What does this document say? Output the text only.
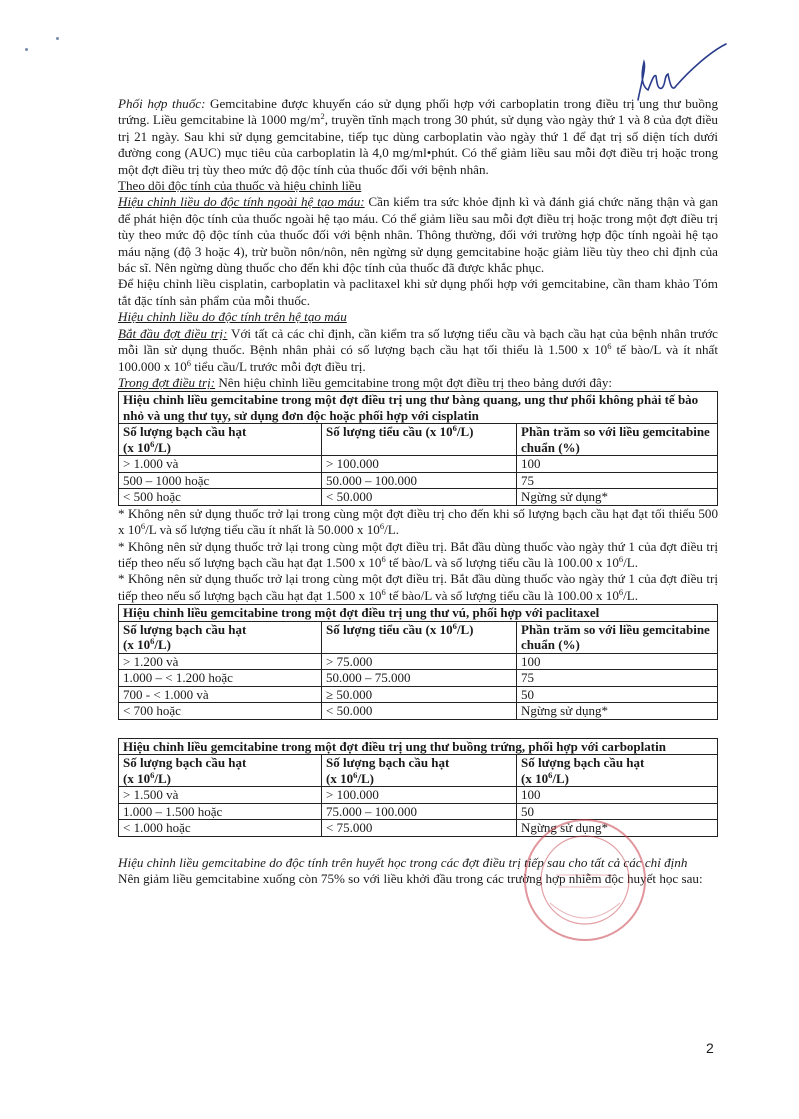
Phối hợp thuốc: Gemcitabine được khuyến cáo sử dụng phối hợp với carboplatin trong điều trị ung thư buồng trứng. Liều gemcitabine là 1000 $mg/m^2$, truyền tĩnh mạch trong 30 phút, sử dụng vào ngày thứ 1 và 8 của đợt điều trị 21 ngày. Sau khi sử dụng gemcitabine, tiếp tục dùng carboplatin vào ngày thứ 1 để đạt trị số diện tích dưới đường cong (AUC) mục tiêu của carboplatin là 4,0 mg/ml•phút. Có thể giảm liều sau mỗi đợt điều trị hoặc trong một đợt điều trị tùy theo mức độ độc tính của thuốc đối với bệnh nhân.

Theo dõi độc tính của thuốc và hiệu chỉnh liều

Hiệu chỉnh liều do độc tính ngoài hệ tạo máu: Cần kiểm tra sức khỏe định kì và đánh giá chức năng thận và gan để phát hiện độc tính của thuốc ngoài hệ tạo máu. Có thể giảm liều sau mỗi đợt điều trị hoặc trong một đợt điều trị tùy theo mức độ độc tính của thuốc đối với bệnh nhân. Thông thường, đối với trường hợp độc tính ngoài hệ tạo máu nặng (độ 3 hoặc 4), trừ buồn nôn/nôn, nên ngừng sử dụng gemcitabine hoặc giảm liều tùy theo chỉ định của bác sĩ. Nên ngừng dùng thuốc cho đến khi độc tính của thuốc đã được khắc phục.

Để hiệu chỉnh liều cisplatin, carboplatin và paclitaxel khi sử dụng phối hợp với gemcitabine, cần tham khảo Tóm tắt đặc tính sản phẩm của mỗi thuốc.

Hiệu chỉnh liều do độc tính trên hệ tạo máu

Bắt đầu đợt điều trị: Với tất cả các chỉ định, cần kiểm tra số lượng tiểu cầu và bạch cầu hạt của bệnh nhân trước mỗi lần sử dụng thuốc. Bệnh nhân phải có số lượng bạch cầu hạt tối thiểu là 1.500 x $10^6$ tế bào/L và ít nhất 100.000 x $10^6$ tiểu cầu/L trước mỗi đợt điều trị.

Trong đợt điều trị: Nên hiệu chỉnh liều gemcitabine trong một đợt điều trị theo bảng dưới đây:

Hiệu chỉnh liều gemcitabine trong một đợt điều trị ung thư bàng quang, ung thư phổi không phải tế bào nhỏ và ung thư tụy, sử dụng đơn độc hoặc phối hợp với cisplatin		
Số lượng bạch cầu hạt
(x $10^6/L$)	Số lượng tiểu cầu (x $10^6/L$)	Phần trăm so với liều gemcitabine chuẩn (%)
> 1.000 và	> 100.000	100
500 – 1000 hoặc	50.000 – 100.000	75
< 500 hoặc	< 50.000	Ngừng sử dụng*

* Không nên sử dụng thuốc trở lại trong cùng một đợt điều trị cho đến khi số lượng bạch cầu hạt đạt tối thiểu 500 x $10^6/L$ và số lượng tiểu cầu ít nhất là 50.000 x $10^6/L$.

* Không nên sử dụng thuốc trở lại trong cùng một đợt điều trị. Bắt đầu dùng thuốc vào ngày thứ 1 của đợt điều trị tiếp theo nếu số lượng bạch cầu hạt đạt 1.500 x $10^6$ tế bào/L và số lượng tiểu cầu là 100.00 x $10^6/L$.

* Không nên sử dụng thuốc trở lại trong cùng một đợt điều trị. Bắt đầu dùng thuốc vào ngày thứ 1 của đợt điều trị tiếp theo nếu số lượng bạch cầu hạt đạt 1.500 x $10^6$ tế bào/L và số lượng tiểu cầu là 100.00 x $10^6/L$.

Hiệu chỉnh liều gemcitabine trong một đợt điều trị ung thư vú, phối hợp với paclitaxel		
Số lượng bạch cầu hạt
(x $10^6/L$)	Số lượng tiểu cầu (x $10^6/L$)	Phần trăm so với liều gemcitabine chuẩn (%)
> 1.200 và	> 75.000	100
1.000 – < 1.200 hoặc	50.000 – 75.000	75
700 - < 1.000 và	≥ 50.000	50
< 700 hoặc	< 50.000	Ngừng sử dụng*
Hiệu chỉnh liều gemcitabine trong một đợt điều trị ung thư buồng trứng, phối hợp với carboplatin		
Số lượng bạch cầu hạt
(x $10^6/L$)	Số lượng bạch cầu hạt
(x $10^6/L$)	Số lượng bạch cầu hạt
(x $10^6/L$)
> 1.500 và	> 100.000	100
1.000 – 1.500 hoặc	75.000 – 100.000	50
< 1.000 hoặc	< 75.000	Ngừng sử dụng*

Hiệu chỉnh liều gemcitabine do độc tính trên huyết học trong các đợt điều trị tiếp sau cho tất cả các chỉ định

Nên giảm liều gemcitabine xuống còn 75% so với liều khởi đầu trong các trường hợp nhiễm độc huyết học sau:

2
